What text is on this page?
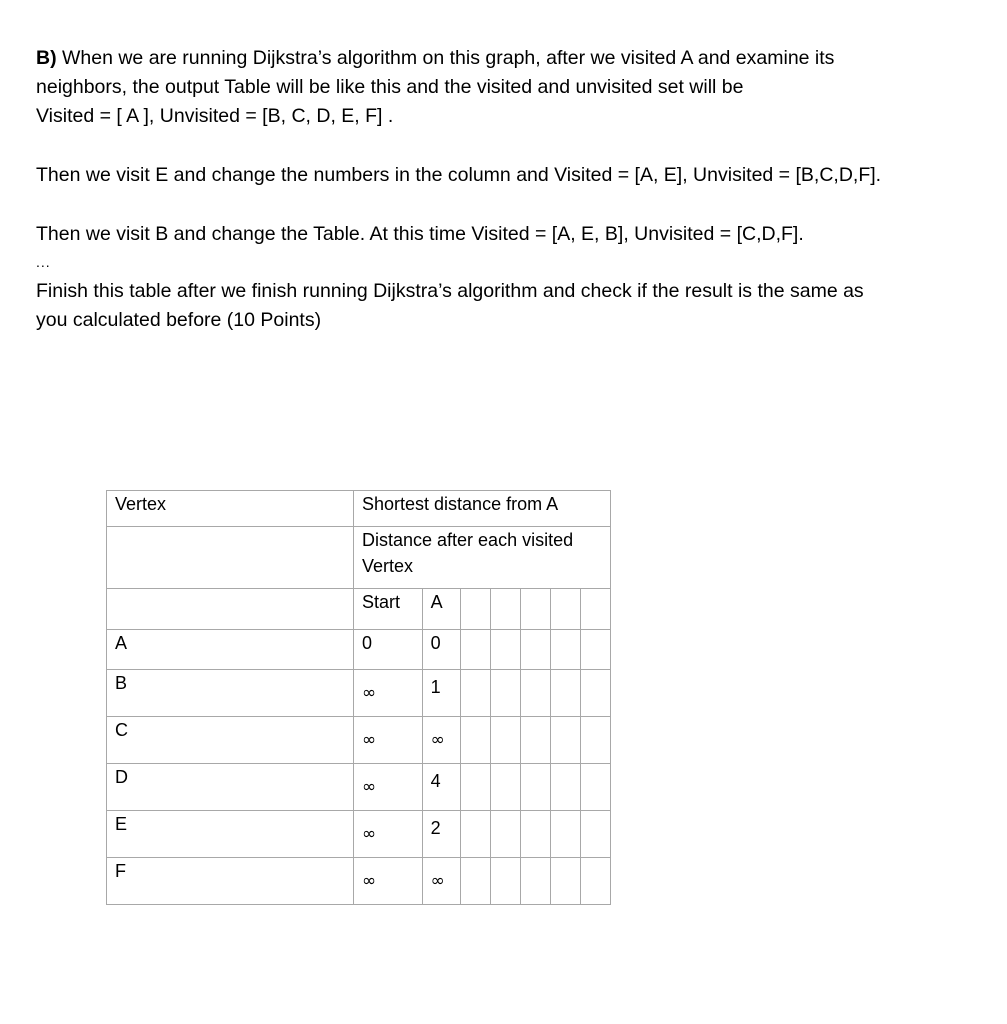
B) When we are running Dijkstra’s algorithm on this graph, after we visited A and examine its
neighbors, the output Table will be like this and the visited and unvisited set will be
Visited = [ A ], Unvisited = [B, C, D, E, F] .

Then we visit E and change the numbers in the column and Visited = [A, E], Unvisited = [B,C,D,F].

Then we visit B and change the Table. At this time Visited = [A, E, B], Unvisited = [C,D,F].

...

Finish this table after we finish running Dijkstra’s algorithm and check if the result is the same as
you calculated before (10 Points)

Vertex	Shortest distance from A						

	Distance after each visited Vertex						

	Start	A					
A	0	0					
B	∞	1					
C	∞	∞					
D	∞	4					
E	∞	2					
F	∞	∞					
